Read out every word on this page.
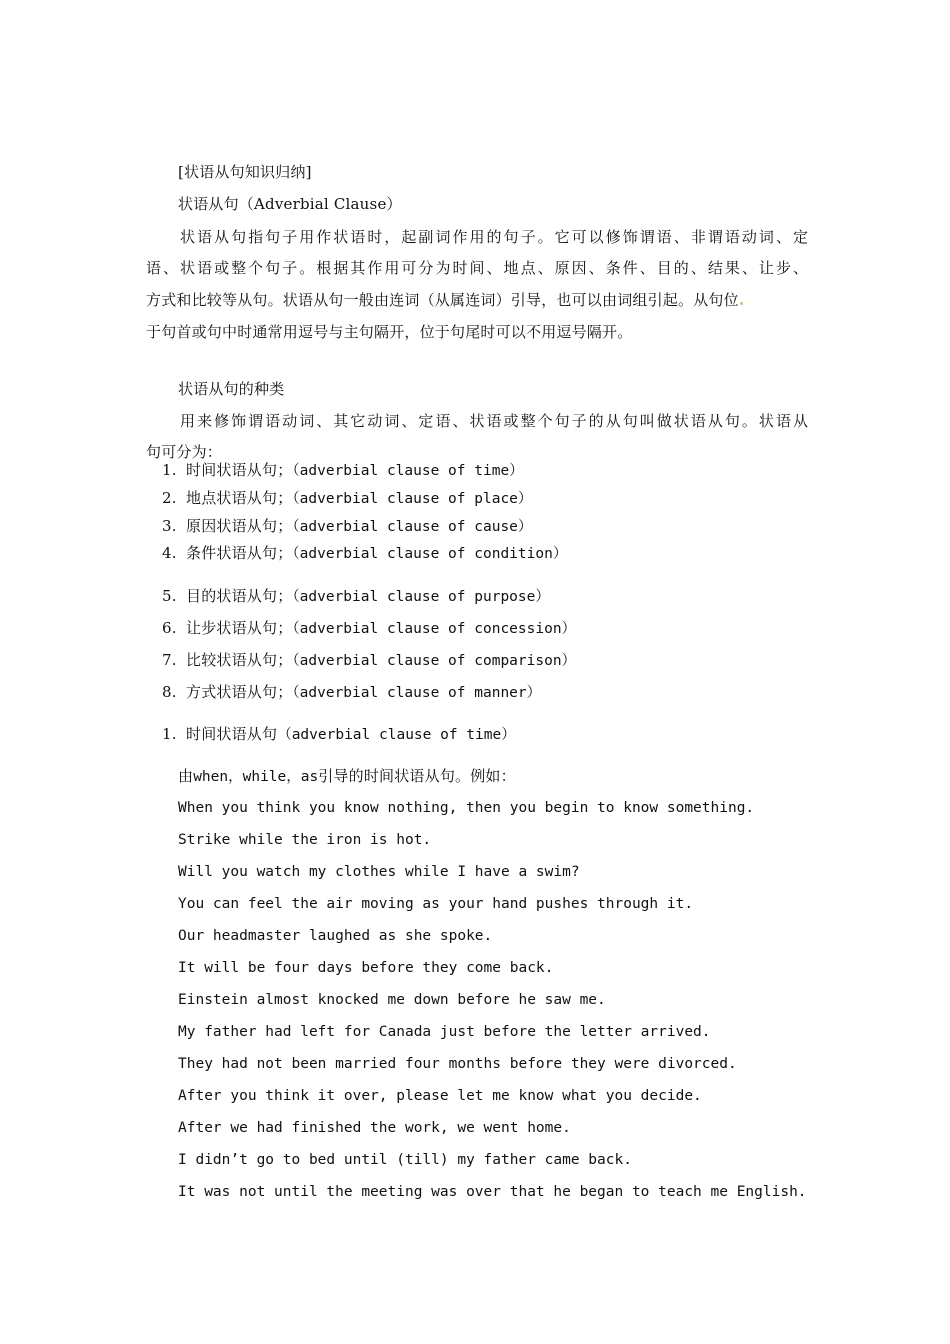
[状语从句知识归纳]
状语从句（Adverbial Clause）
　　状语从句指句子用作状语时，起副词作用的句子。它可以修饰谓语、非谓语动词、定
语、状语或整个句子。根据其作用可分为时间、地点、原因、条件、目的、结果、让步、
方式和比较等从句。状语从句一般由连词（从属连词）引导，也可以由词组引起。从句位
于句首或句中时通常用逗号与主句隔开，位于句尾时可以不用逗号隔开。
状语从句的种类
　　用来修饰谓语动词、其它动词、定语、状语或整个句子的从句叫做状语从句。状语从
句可分为：
1. 时间状语从句；（adverbial clause of time）
2. 地点状语从句；（adverbial clause of place）
3. 原因状语从句；（adverbial clause of cause）
4. 条件状语从句；（adverbial clause of condition）
5. 目的状语从句；（adverbial clause of purpose）
6. 让步状语从句；（adverbial clause of concession）
7. 比较状语从句；（adverbial clause of comparison）
8. 方式状语从句；（adverbial clause of manner）
1. 时间状语从句（adverbial clause of time）
由when，while，as引导的时间状语从句。例如：
When you think you know nothing, then you begin to know something.
Strike while the iron is hot.
Will you watch my clothes while I have a swim?
You can feel the air moving as your hand pushes through it.
Our headmaster laughed as she spoke.
It will be four days before they come back.
Einstein almost knocked me down before he saw me.
My father had left for Canada just before the letter arrived.
They had not been married four months before they were divorced.
After you think it over, please let me know what you decide.
After we had finished the work, we went home.
I didn’t go to bed until (till) my father came back.
It was not until the meeting was over that he began to teach me English.
